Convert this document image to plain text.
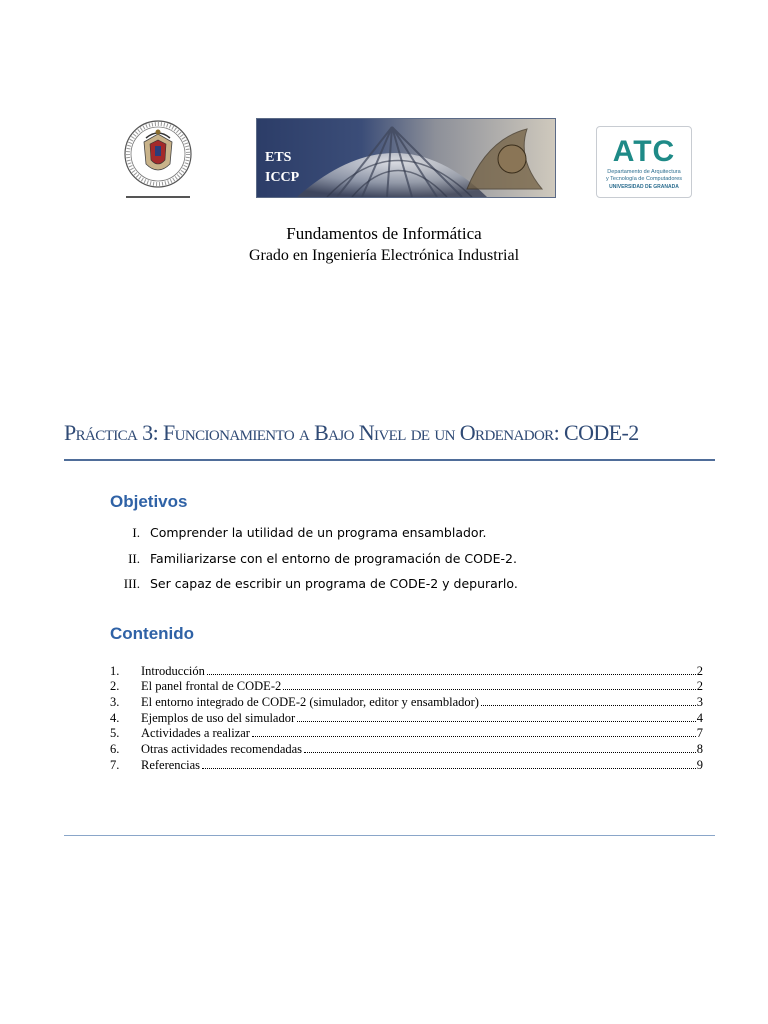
ETS
ICCP
ATC
Departamento de Arquitectura
y Tecnología de Computadores
UNIVERSIDAD DE GRANADA
Fundamentos de Informática
Grado en Ingeniería Electrónica Industrial
Práctica 3: Funcionamiento a Bajo Nivel de un Ordenador: CODE-2
Objetivos
I. Comprender la utilidad de un programa ensamblador.
II. Familiarizarse con el entorno de programación de CODE-2.
III. Ser capaz de escribir un programa de CODE-2 y depurarlo.
Contenido
1.	Introducción	2
2.	El panel frontal de CODE-2	2
3.	El entorno integrado de CODE-2 (simulador, editor y ensamblador)	3
4.	Ejemplos de uso del simulador	4
5.	Actividades a realizar	7
6.	Otras actividades recomendadas	8
7.	Referencias	9
